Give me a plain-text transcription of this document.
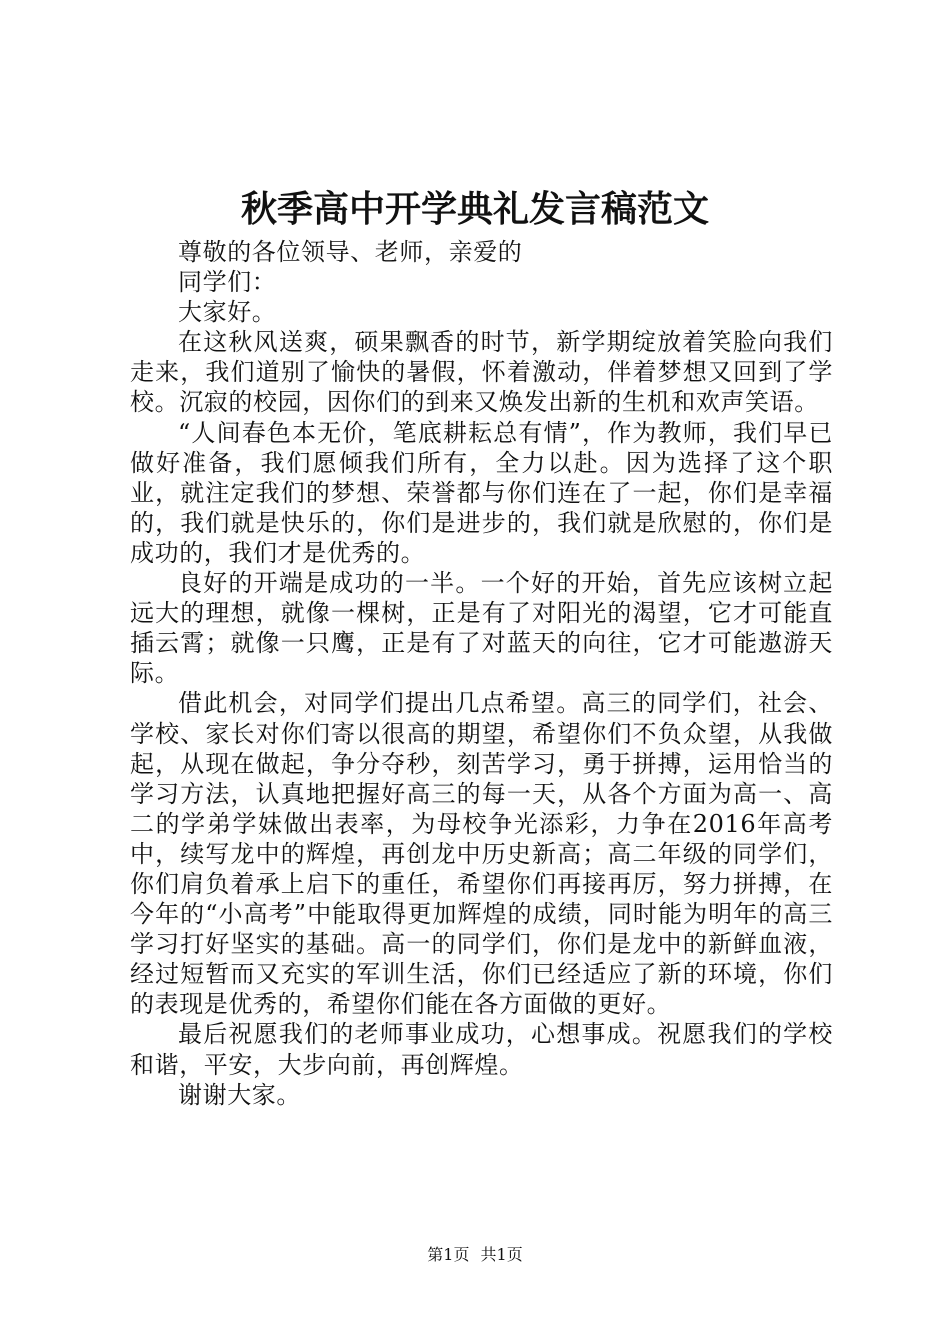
秋季高中开学典礼发言稿范文

尊敬的各位领导、老师，亲爱的

同学们：

大家好。

在这秋风送爽，硕果飘香的时节，新学期绽放着笑脸向我们走来，我们道别了愉快的暑假，怀着激动，伴着梦想又回到了学校。沉寂的校园，因你们的到来又焕发出新的生机和欢声笑语。

“人间春色本无价，笔底耕耘总有情”，作为教师，我们早已做好准备，我们愿倾我们所有，全力以赴。因为选择了这个职业，就注定我们的梦想、荣誉都与你们连在了一起，你们是幸福的，我们就是快乐的，你们是进步的，我们就是欣慰的，你们是成功的，我们才是优秀的。

良好的开端是成功的一半。一个好的开始，首先应该树立起远大的理想，就像一棵树，正是有了对阳光的渴望，它才可能直插云霄；就像一只鹰，正是有了对蓝天的向往，它才可能遨游天际。

借此机会，对同学们提出几点希望。高三的同学们，社会、学校、家长对你们寄以很高的期望，希望你们不负众望，从我做起，从现在做起，争分夺秒，刻苦学习，勇于拼搏，运用恰当的学习方法，认真地把握好高三的每一天，从各个方面为高一、高二的学弟学妹做出表率，为母校争光添彩，力争在2016年高考中，续写龙中的辉煌，再创龙中历史新高；高二年级的同学们，你们肩负着承上启下的重任，希望你们再接再厉，努力拼搏，在今年的“小高考”中能取得更加辉煌的成绩，同时能为明年的高三学习打好坚实的基础。高一的同学们，你们是龙中的新鲜血液，经过短暂而又充实的军训生活，你们已经适应了新的环境，你们的表现是优秀的，希望你们能在各方面做的更好。

最后祝愿我们的老师事业成功，心想事成。祝愿我们的学校和谐，平安，大步向前，再创辉煌。

谢谢大家。

第1页 共1页
